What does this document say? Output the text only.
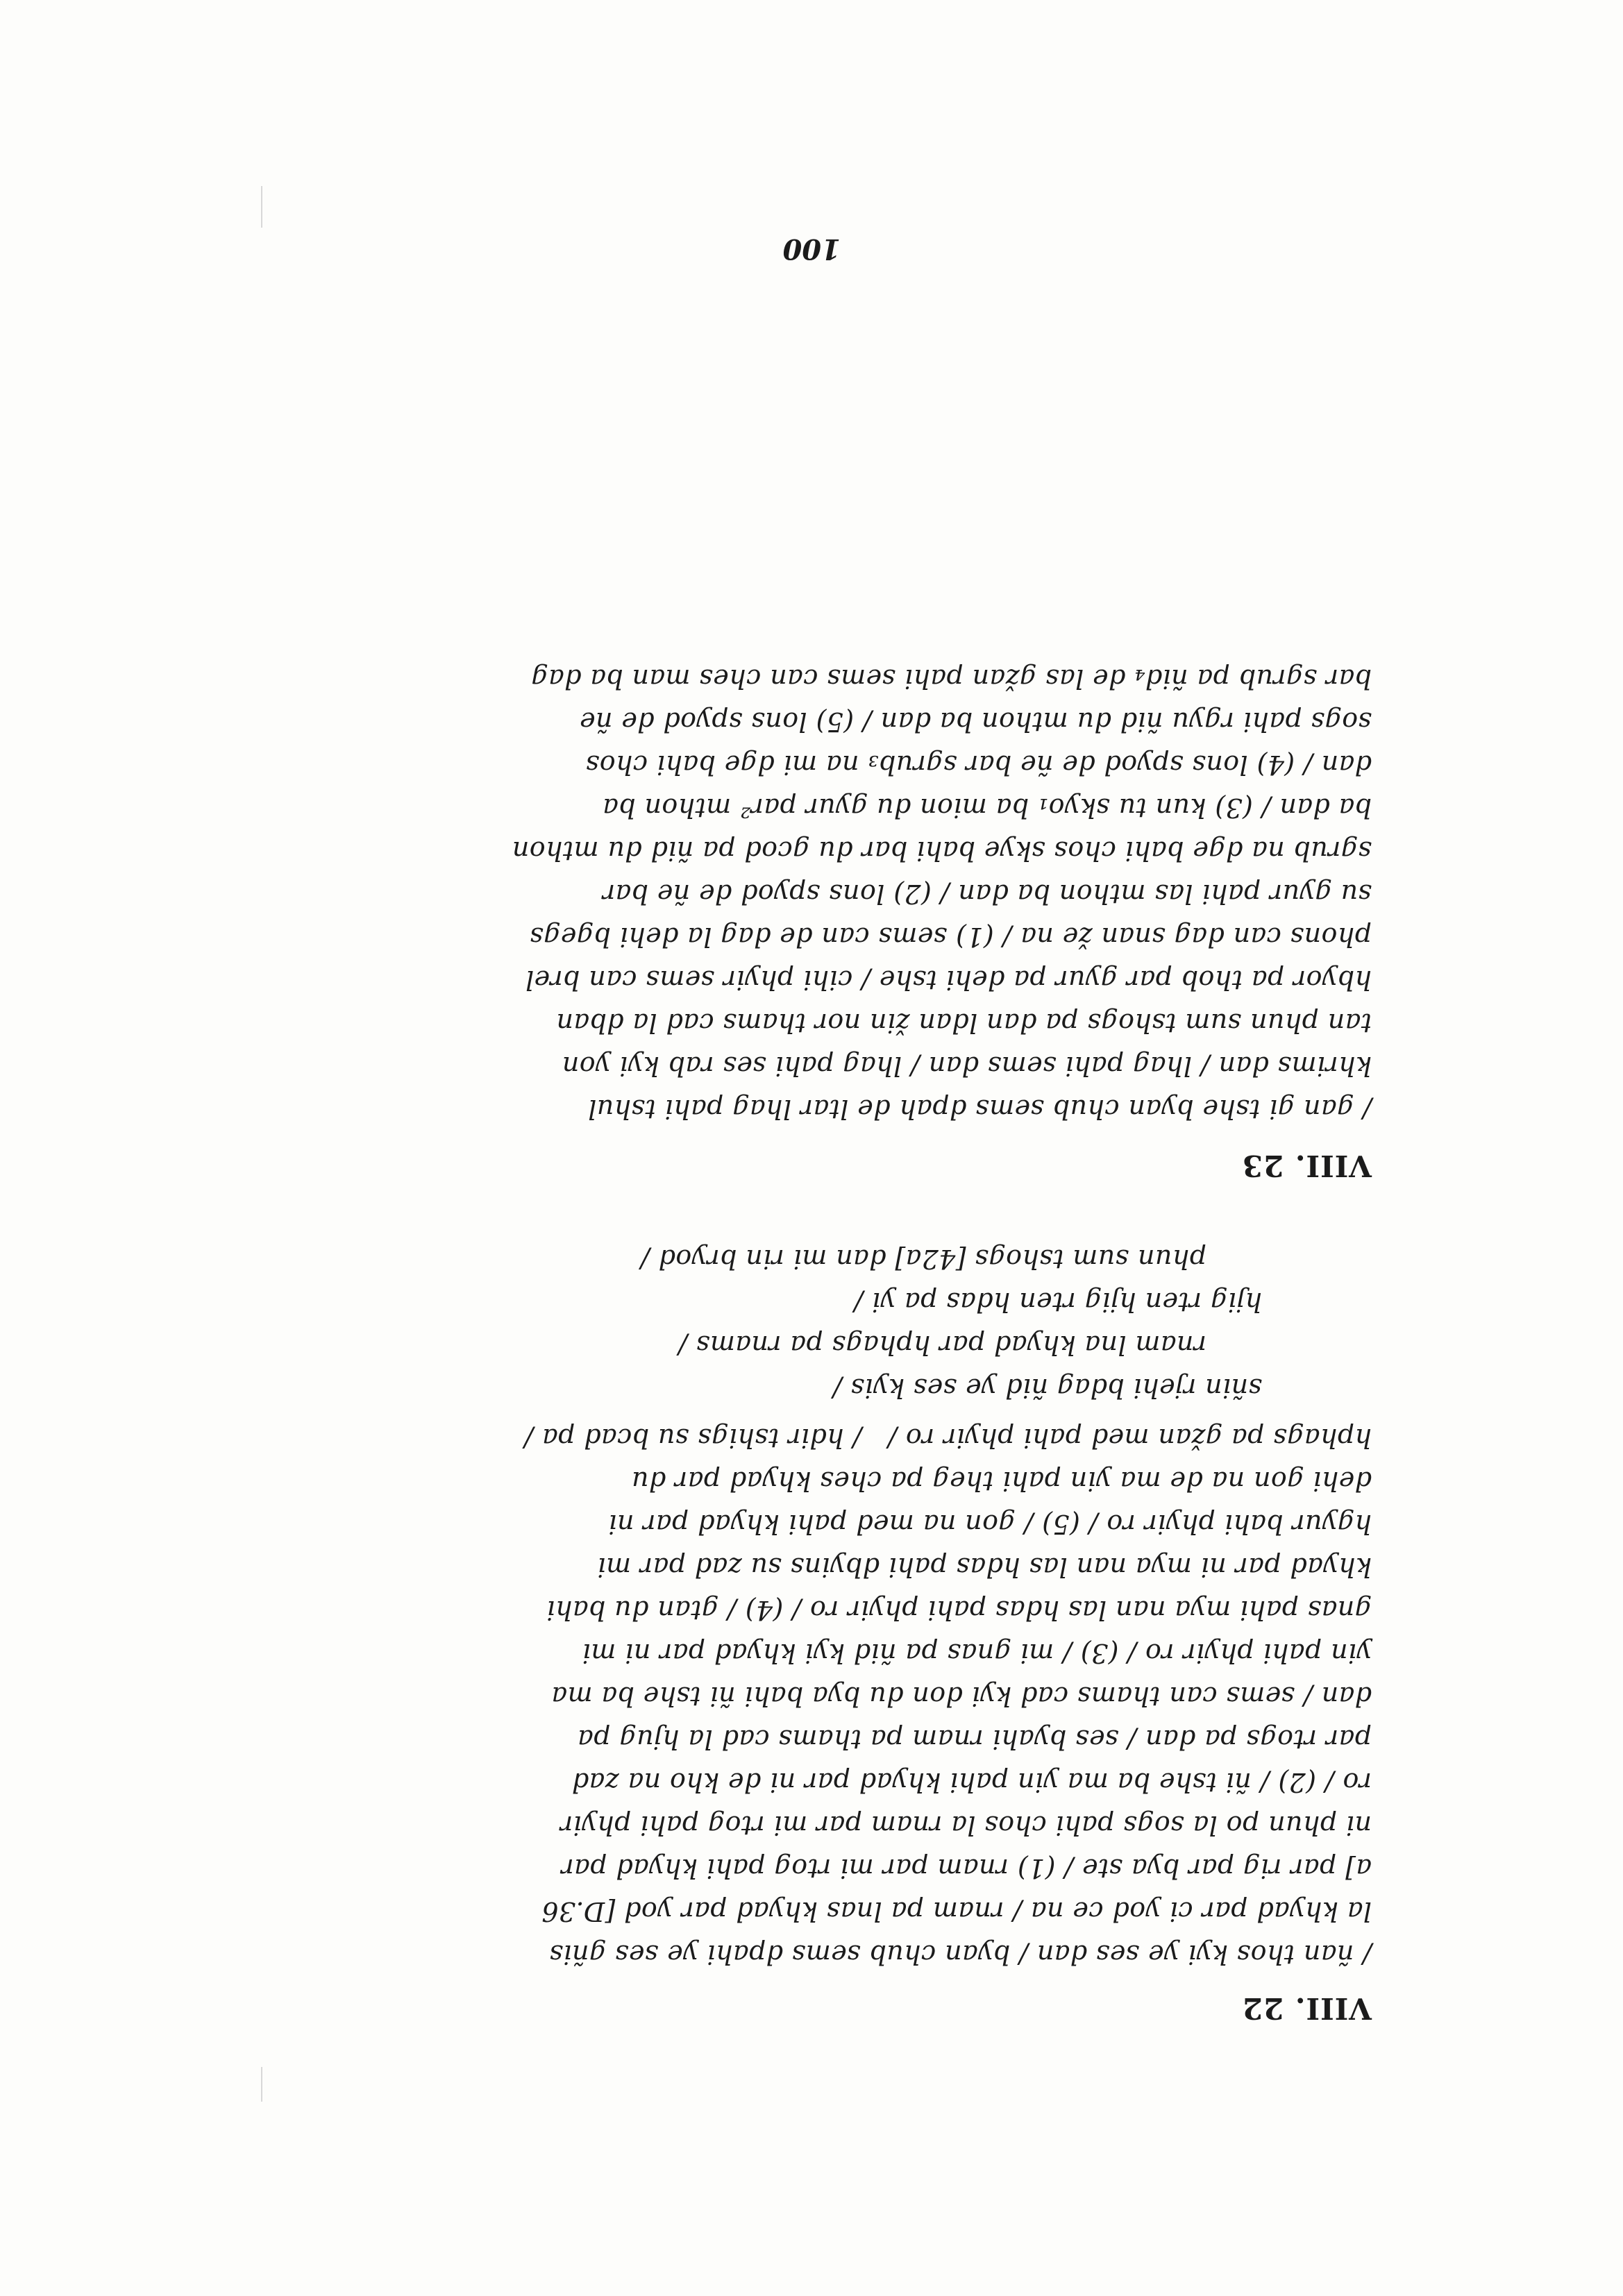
VIII. 22
/ ñan thos kyi ye ses dan / byan chub sems dpahi ye ses gñis
la khyad par ci yod ce na / rnam pa lnas khyad par yod [D.36
a] par rig par bya ste / (1) rnam par mi rtog pahi khyad par
ni phun po la sogs pahi chos la rnam par mi rtog pahi phyir
ro / (2) / ñi tshe ba ma yin pahi khyad par ni de kho na zad
par rtogs pa dan / ses byahi rnam pa thams cad la hjug pa
dan / sems can thams cad kyi don du bya bahi ñi tshe ba ma
yin pahi phyir ro / (3) / mi gnas pa ñid kyi khyad par ni mi
gnas pahi mya nan las hdas pahi phyir ro / (4) / gtan du bahi
khyad par ni mya nan las hdas pahi dbyins su zad par mi
hgyur bahi phyir ro / (5) / gon na med pahi khyad par ni
dehi gon na de ma yin pahi theg pa ches khyad par du
hphags pa gžan med pahi phyir ro /   / hdir tshigs su bcad pa /
sñin rjehi bdag ñid ye ses kyis /
rnam lna khyad par hphags pa rnams /
hjig rten hjig rten hdas pa yi /
phun sum tshogs [42a] dan mi rin bryod /
VIII. 23
/ gan gi tshe byan chub sems dpah de ltar lhag pahi tshul
khrims dan / lhag pahi sems dan / lhag pahi ses rab kyi yon
tan phun sum tshogs pa dan ldan žin nor thams cad la dban
hbyor pa thob par gyur pa dehi tshe / cihi phyir sems can brel
phons can dag snan že na / (1) sems can de dag la dehi bgegs
su gyur pahi las mthon ba dan / (2) lons spyod de ñe bar
sgrub na dge bahi chos skye bahi bar du gcod pa ñid du mthon
ba dan / (3) kun tu skyo₁ ba mion du gyur par² mthon ba
dan / (4) lons spyod de ñe bar sgrub₃ na mi dge bahi chos
sogs pahi rgyu ñid du mthon ba dan / (5) lons spyod de ñe
bar sgrub pa ñid₄ de las gžan pahi sems can ches man ba dag
100
